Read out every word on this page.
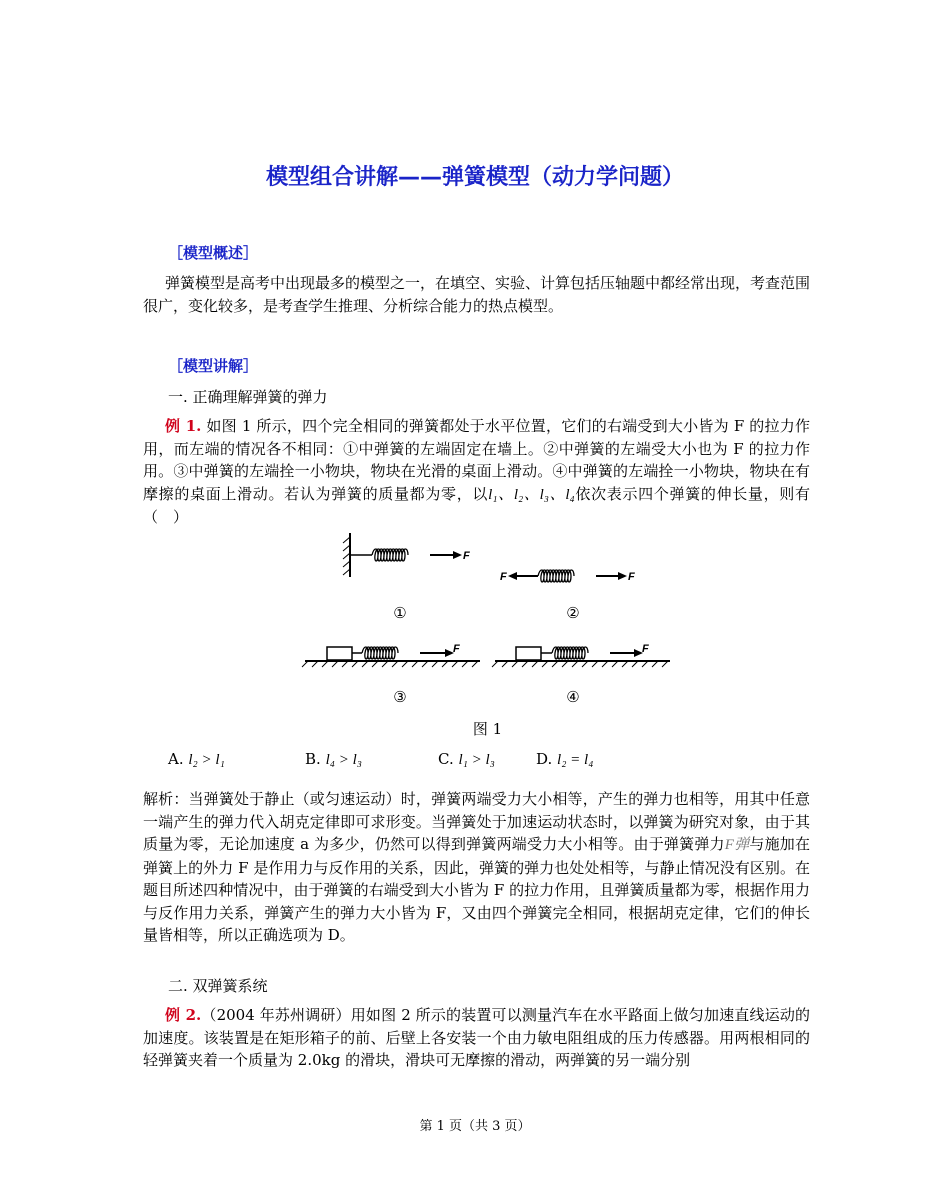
模型组合讲解——弹簧模型（动力学问题）
［模型概述］
弹簧模型是高考中出现最多的模型之一，在填空、实验、计算包括压轴题中都经常出现，考查范围很广，变化较多，是考查学生推理、分析综合能力的热点模型。
［模型讲解］
一. 正确理解弹簧的弹力
例 1. 如图 1 所示，四个完全相同的弹簧都处于水平位置，它们的右端受到大小皆为 F 的拉力作用，而左端的情况各不相同：①中弹簧的左端固定在墙上。②中弹簧的左端受大小也为 F 的拉力作用。③中弹簧的左端拴一小物块，物块在光滑的桌面上滑动。④中弹簧的左端拴一小物块，物块在有摩擦的桌面上滑动。若认为弹簧的质量都为零，以l₁、l₂、l₃、l₄依次表示四个弹簧的伸长量，则有（　）
F
F	F
①	②
F	F
③	④
图 1
A. l₂ > l₁	B. l₄ > l₃	C. l₁ > l₃	D. l₂ = l₄
解析：当弹簧处于静止（或匀速运动）时，弹簧两端受力大小相等，产生的弹力也相等，用其中任意一端产生的弹力代入胡克定律即可求形变。当弹簧处于加速运动状态时，以弹簧为研究对象，由于其质量为零，无论加速度 a 为多少，仍然可以得到弹簧两端受力大小相等。由于弹簧弹力F弹与施加在弹簧上的外力 F 是作用力与反作用的关系，因此，弹簧的弹力也处处相等，与静止情况没有区别。在题目所述四种情况中，由于弹簧的右端受到大小皆为 F 的拉力作用，且弹簧质量都为零，根据作用力与反作用力关系，弹簧产生的弹力大小皆为 F，又由四个弹簧完全相同，根据胡克定律，它们的伸长量皆相等，所以正确选项为 D。
二. 双弹簧系统
例 2.（2004 年苏州调研）用如图 2 所示的装置可以测量汽车在水平路面上做匀加速直线运动的加速度。该装置是在矩形箱子的前、后壁上各安装一个由力敏电阻组成的压力传感器。用两根相同的轻弹簧夹着一个质量为 2.0kg 的滑块，滑块可无摩擦的滑动，两弹簧的另一端分别
第 1 页（共 3 页）
